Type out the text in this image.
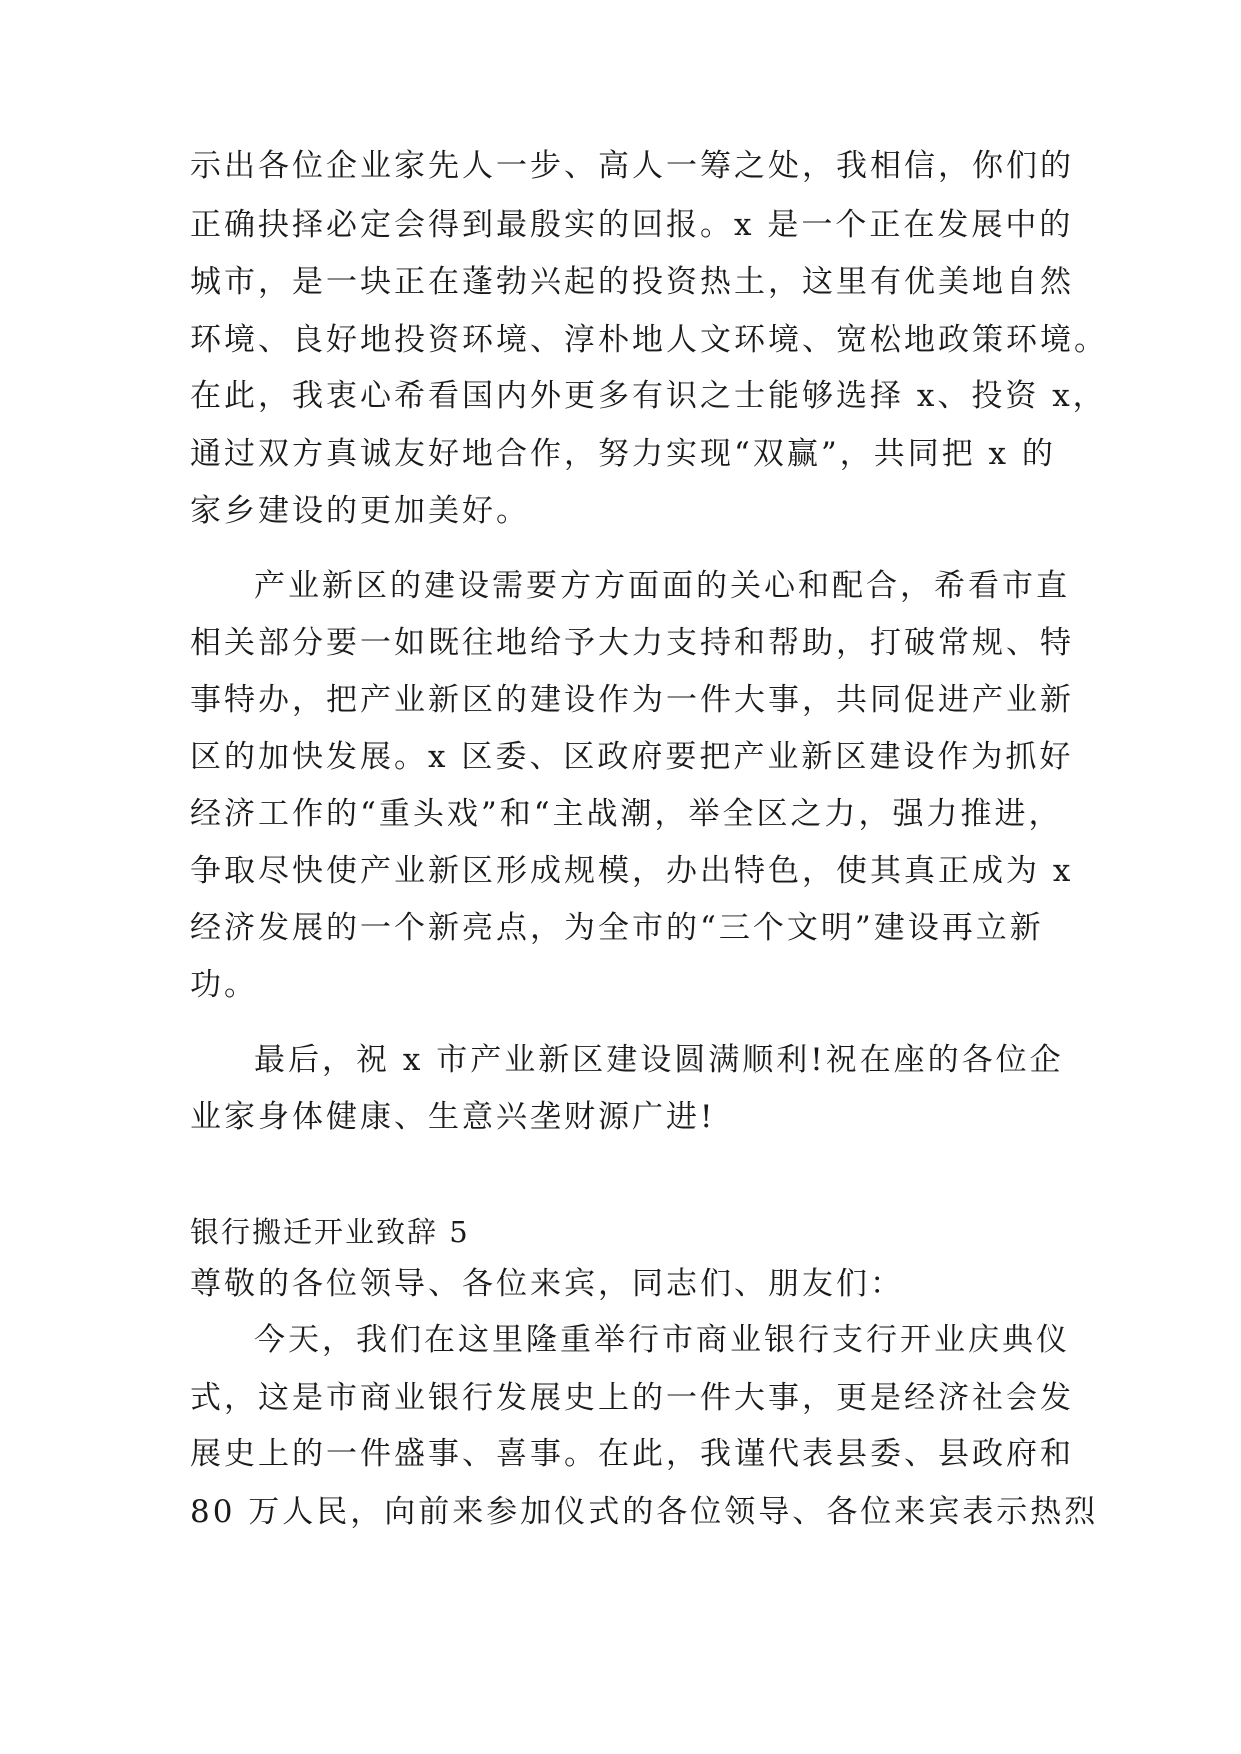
示出各位企业家先人一步、高人一筹之处，我相信，你们的
正确抉择必定会得到最殷实的回报。x 是一个正在发展中的
城市，是一块正在蓬勃兴起的投资热土，这里有优美地自然
环境、良好地投资环境、淳朴地人文环境、宽松地政策环境。
在此，我衷心希看国内外更多有识之士能够选择 x、投资 x，
通过双方真诚友好地合作，努力实现“双赢”，共同把 x 的
家乡建设的更加美好。
产业新区的建设需要方方面面的关心和配合，希看市直
相关部分要一如既往地给予大力支持和帮助，打破常规、特
事特办，把产业新区的建设作为一件大事，共同促进产业新
区的加快发展。x 区委、区政府要把产业新区建设作为抓好
经济工作的“重头戏”和“主战潮，举全区之力，强力推进，
争取尽快使产业新区形成规模，办出特色，使其真正成为 x
经济发展的一个新亮点，为全市的“三个文明”建设再立新
功。
最后，祝 x 市产业新区建设圆满顺利!祝在座的各位企
业家身体健康、生意兴垄财源广进!
银行搬迁开业致辞 5
尊敬的各位领导、各位来宾，同志们、朋友们：
今天，我们在这里隆重举行市商业银行支行开业庆典仪
式，这是市商业银行发展史上的一件大事，更是经济社会发
展史上的一件盛事、喜事。在此，我谨代表县委、县政府和
80 万人民，向前来参加仪式的各位领导、各位来宾表示热烈
